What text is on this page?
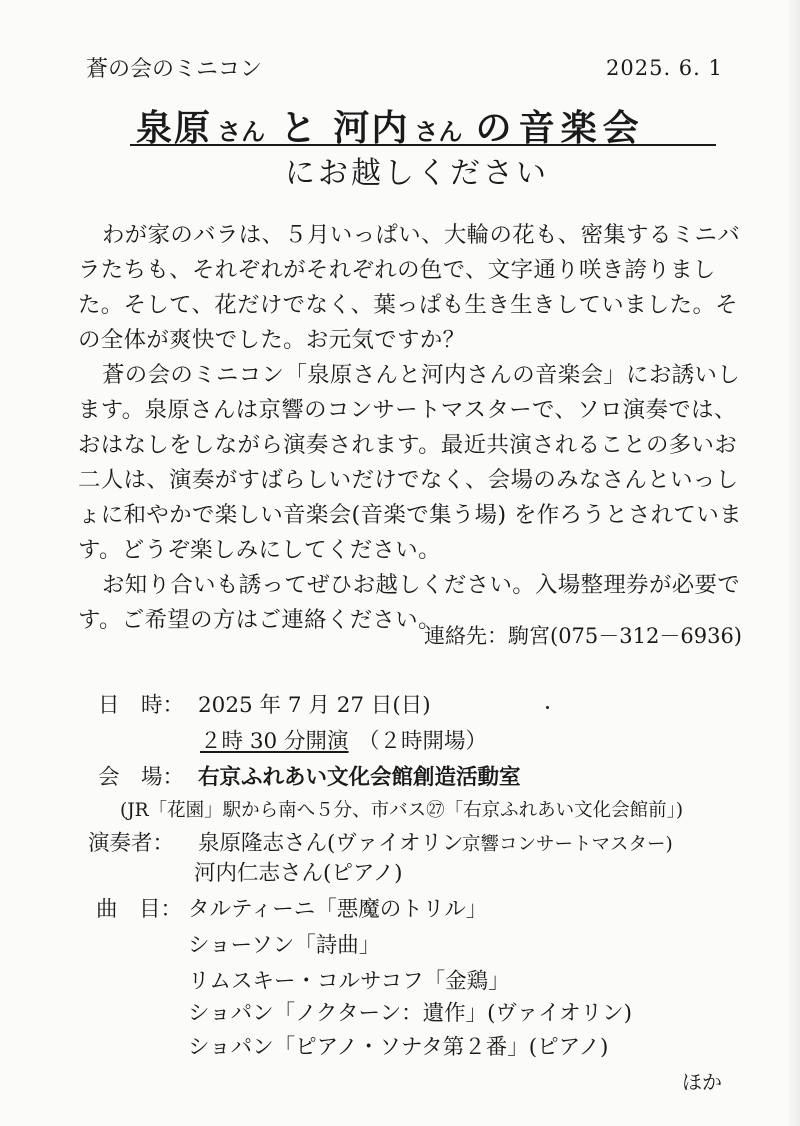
蒼の会のミニコン	2025. 6. 1
泉原 さん と 河内 さん の 音楽会
にお越しください
わが家のバラは、５月いっぱい、大輪の花も、密集するミニバラたちも、それぞれがそれぞれの色で、文字通り咲き誇りました。そして、花だけでなく、葉っぱも生き生きしていました。その全体が爽快でした。お元気ですか？
蒼の会のミニコン「泉原さんと河内さんの音楽会」にお誘いします。泉原さんは京響のコンサートマスターで、ソロ演奏では、おはなしをしながら演奏されます。最近共演されることの多いお二人は、演奏がすばらしいだけでなく、会場のみなさんといっしょに和やかで楽しい音楽会(音楽で集う場) を作ろうとされています。どうぞ楽しみにしてください。
お知り合いも誘ってぜひお越しください。入場整理券が必要です。ご希望の方はご連絡ください。
連絡先：駒宮(075－312－6936)
日　時： 2025 年 7 月 27 日(日)
２時 30 分開演 （２時開場）
会　場： 右京ふれあい文化会館創造活動室
(JR「花園」駅から南へ５分、市バス㉗「右京ふれあい文化会館前」)
演奏者： 泉原隆志さん(ヴァイオリン
京響コンサートマスター)
河内仁志さん(ピアノ)
曲　目： タルティーニ「悪魔のトリル」
ショーソン「詩曲」
リムスキー・コルサコフ「金鶏」
ショパン「ノクターン：遺作」(ヴァイオリン)
ショパン「ピアノ・ソナタ第２番」(ピアノ)
ほか
